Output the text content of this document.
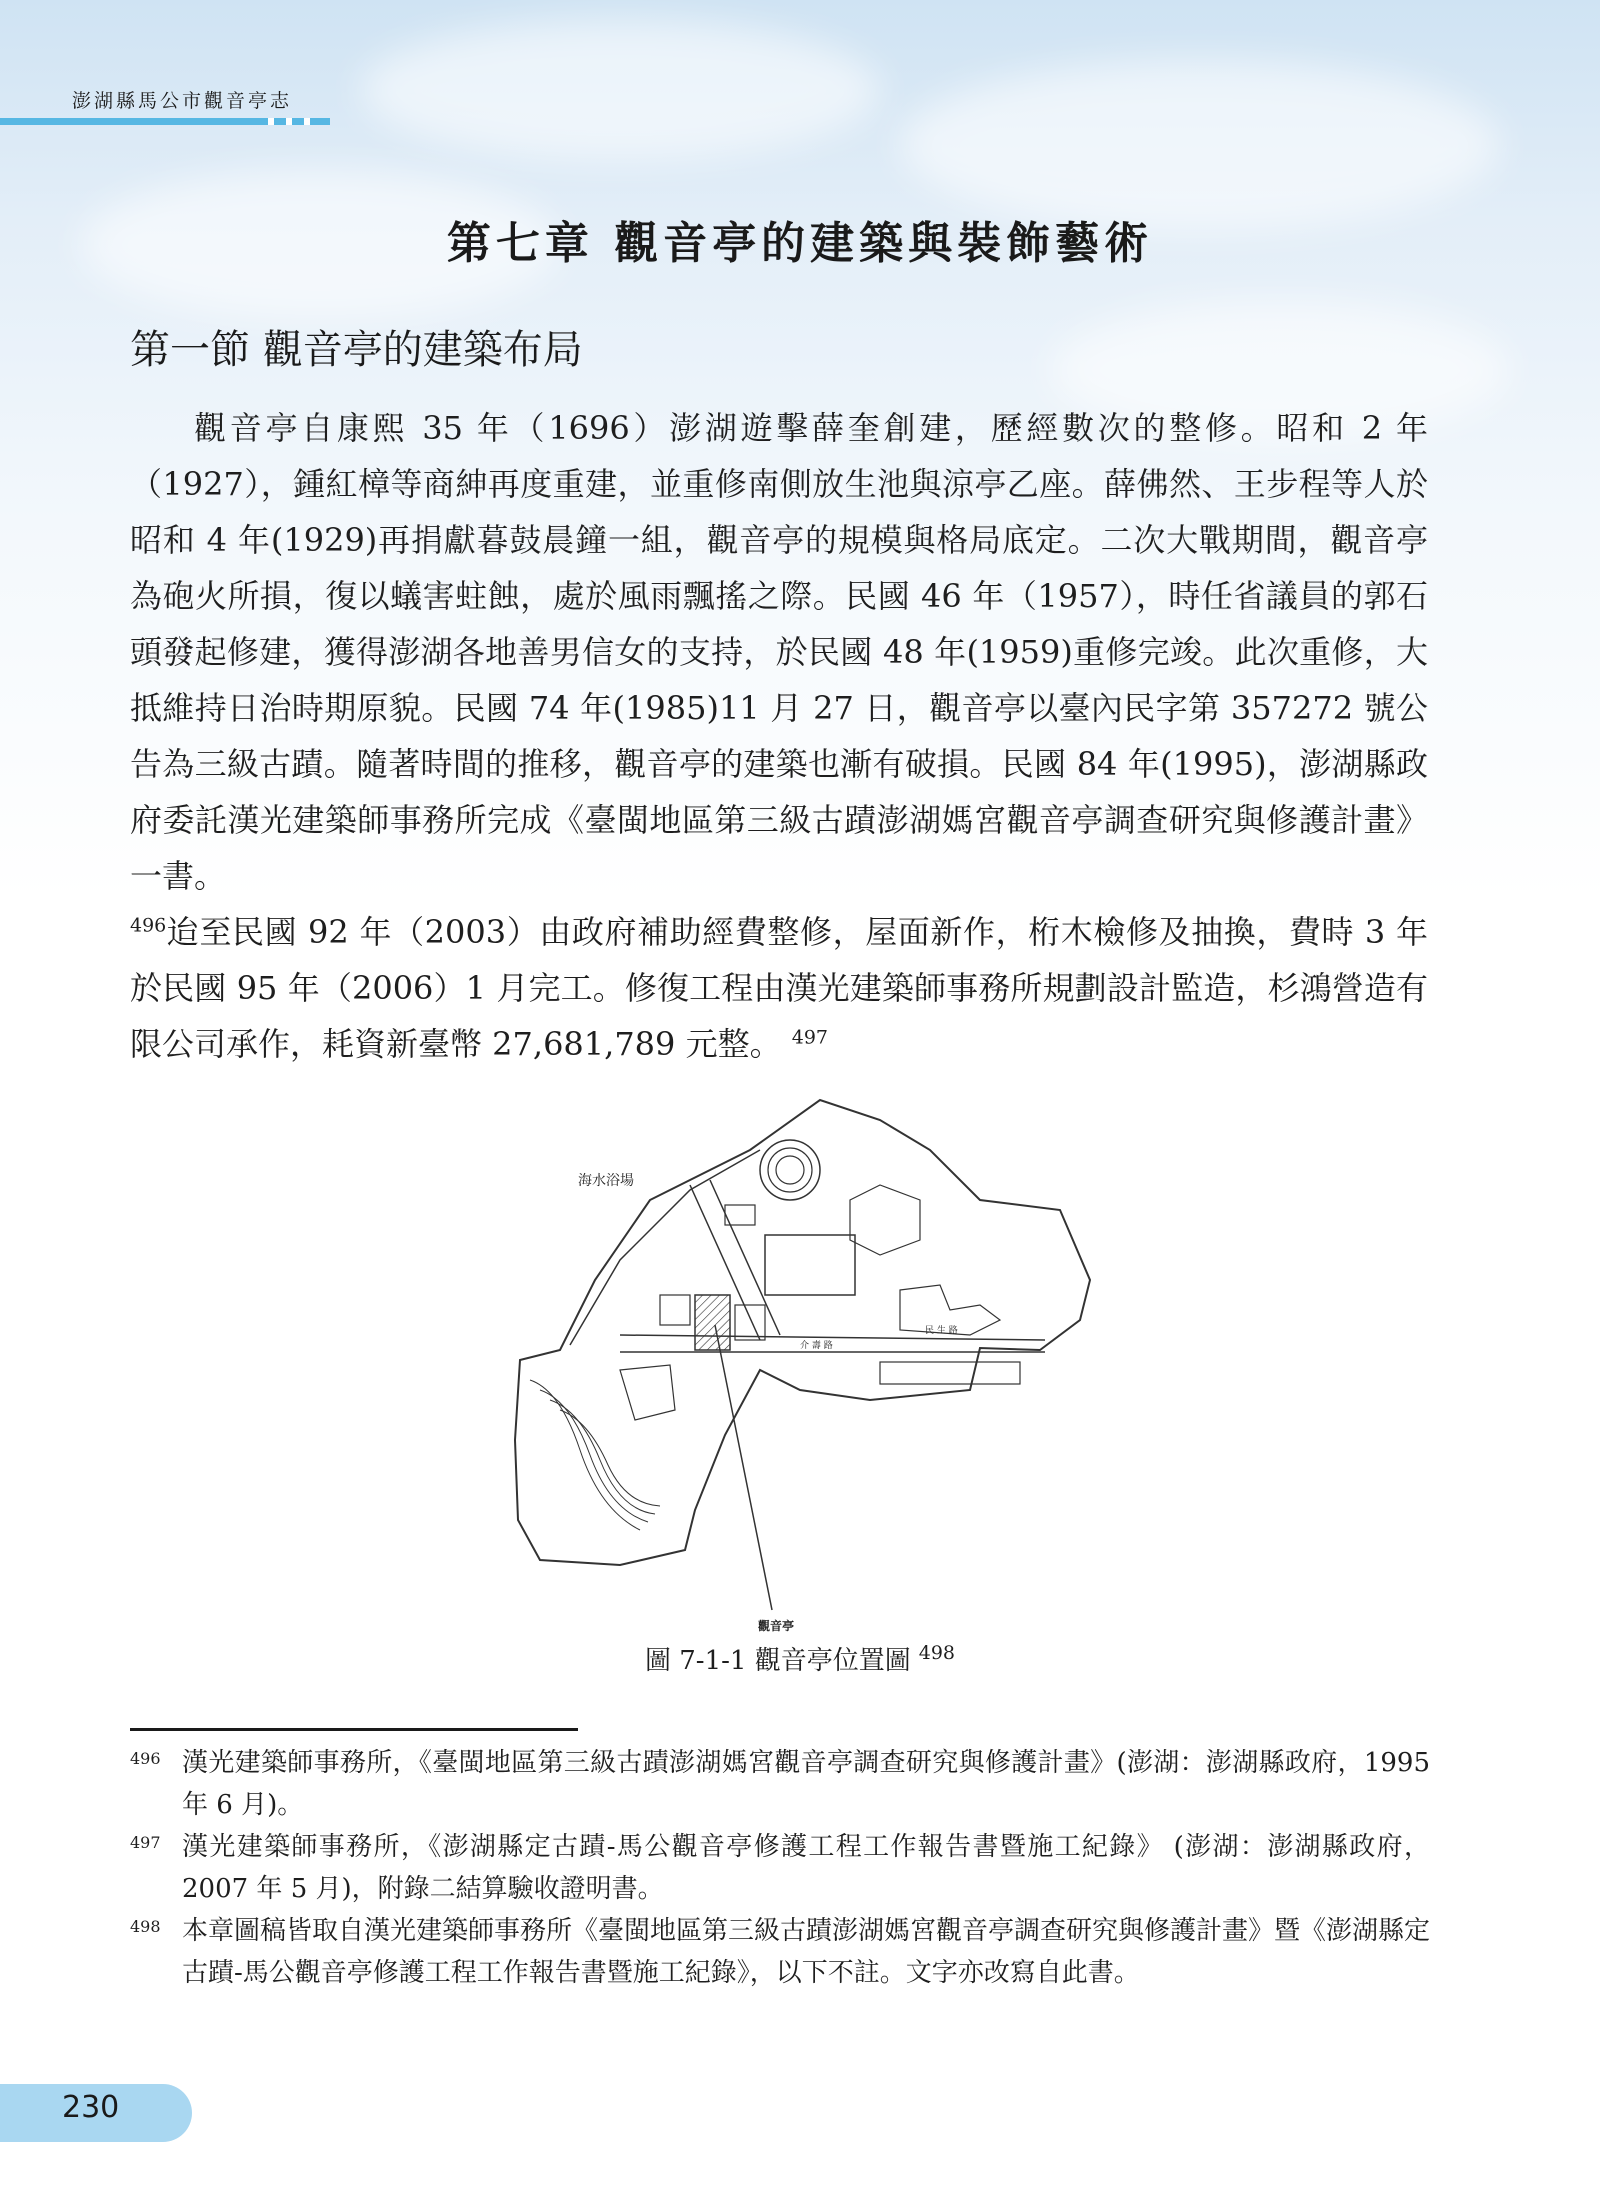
澎湖縣馬公市觀音亭志
第七章 觀音亭的建築與裝飾藝術
第一節 觀音亭的建築布局
觀音亭自康熙 35 年（1696）澎湖遊擊薛奎創建，歷經數次的整修。昭和 2 年（1927），鍾紅樟等商紳再度重建，並重修南側放生池與涼亭乙座。薛佛然、王步程等人於昭和 4 年(1929)再捐獻暮鼓晨鐘一組，觀音亭的規模與格局底定。二次大戰期間，觀音亭為砲火所損，復以蟻害蛀蝕，處於風雨飄搖之際。民國 46 年（1957），時任省議員的郭石頭發起修建，獲得澎湖各地善男信女的支持，於民國 48 年(1959)重修完竣。此次重修，大抵維持日治時期原貌。民國 74 年(1985)11 月 27 日，觀音亭以臺內民字第 357272 號公告為三級古蹟。隨著時間的推移，觀音亭的建築也漸有破損。民國 84 年(1995)，澎湖縣政府委託漢光建築師事務所完成《臺閩地區第三級古蹟澎湖媽宮觀音亭調查研究與修護計畫》一書。
$^{496}$迨至民國 92 年（2003）由政府補助經費整修，屋面新作，桁木檢修及抽換，費時 3 年於民國 95 年（2006）1 月完工。修復工程由漢光建築師事務所規劃設計監造，杉鴻營造有限公司承作，耗資新臺幣 27,681,789 元整。 $^{497}$
海水浴場
民 生 路
介 壽 路
觀音亭
圖 7-1-1 觀音亭位置圖 $^{498}$
496 漢光建築師事務所，《臺閩地區第三級古蹟澎湖媽宮觀音亭調查研究與修護計畫》(澎湖：澎湖縣政府，1995 年 6 月)。
497 漢光建築師事務所，《澎湖縣定古蹟-馬公觀音亭修護工程工作報告書暨施工紀錄》 (澎湖：澎湖縣政府，2007 年 5 月)，附錄二結算驗收證明書。
498 本章圖稿皆取自漢光建築師事務所《臺閩地區第三級古蹟澎湖媽宮觀音亭調查研究與修護計畫》暨《澎湖縣定古蹟-馬公觀音亭修護工程工作報告書暨施工紀錄》，以下不註。文字亦改寫自此書。
230
